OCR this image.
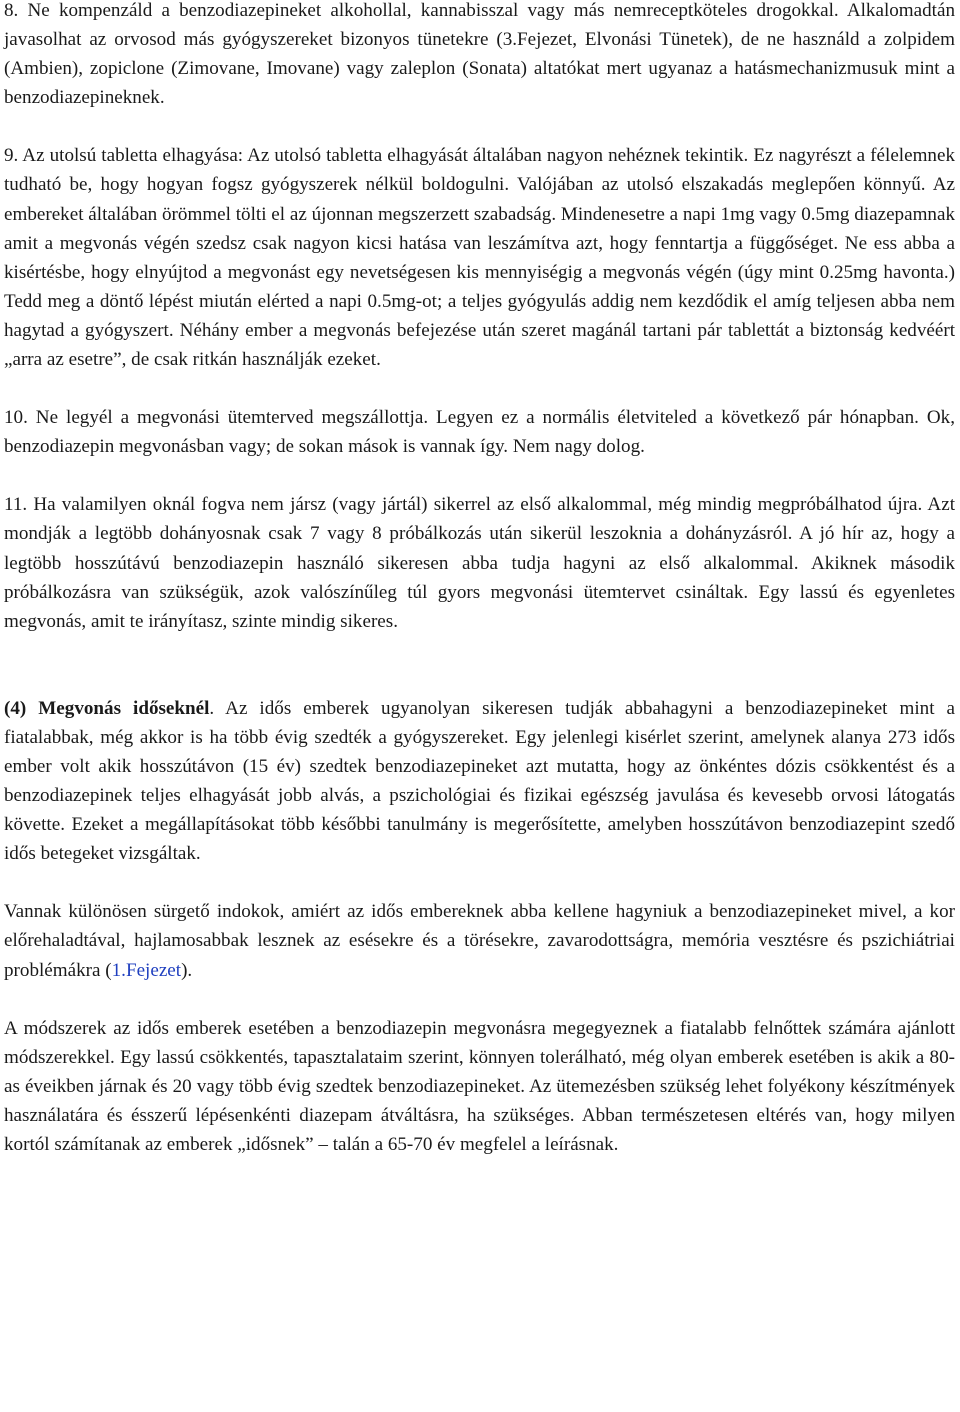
8. Ne kompenzáld a benzodiazepineket alkohollal, kannabisszal vagy más nemreceptköteles drogokkal. Alkalomadtán javasolhat az orvosod más gyógyszereket bizonyos tünetekre (3.Fejezet, Elvonási Tünetek), de ne használd a zolpidem (Ambien), zopiclone (Zimovane, Imovane) vagy zaleplon (Sonata) altatókat mert ugyanaz a hatásmechanizmusuk mint a benzodiazepineknek.

9. Az utolsú tabletta elhagyása: Az utolsó tabletta elhagyását általában nagyon nehéznek tekintik. Ez nagyrészt a félelemnek tudható be, hogy hogyan fogsz gyógyszerek nélkül boldogulni. Valójában az utolsó elszakadás meglepően könnyű. Az embereket általában örömmel tölti el az újonnan megszerzett szabadság. Mindenesetre a napi 1mg vagy 0.5mg diazepamnak amit a megvonás végén szedsz csak nagyon kicsi hatása van leszámítva azt, hogy fenntartja a függőséget. Ne ess abba a kisértésbe, hogy elnyújtod a megvonást egy nevetségesen kis mennyiségig a megvonás végén (úgy mint 0.25mg havonta.) Tedd meg a döntő lépést miután elérted a napi 0.5mg-ot; a teljes gyógyulás addig nem kezdődik el amíg teljesen abba nem hagytad a gyógyszert. Néhány ember a megvonás befejezése után szeret magánál tartani pár tablettát a biztonság kedvéért „arra az esetre”, de csak ritkán használják ezeket.

10. Ne legyél a megvonási ütemterved megszállottja. Legyen ez a normális életviteled a következő pár hónapban. Ok, benzodiazepin megvonásban vagy; de sokan mások is vannak így. Nem nagy dolog.

11. Ha valamilyen oknál fogva nem jársz (vagy jártál) sikerrel az első alkalommal, még mindig megpróbálhatod újra. Azt mondják a legtöbb dohányosnak csak 7 vagy 8 próbálkozás után sikerül leszoknia a dohányzásról. A jó hír az, hogy a legtöbb hosszútávú benzodiazepin használó sikeresen abba tudja hagyni az első alkalommal. Akiknek második próbálkozásra van szükségük, azok valószínűleg túl gyors megvonási ütemtervet csináltak. Egy lassú és egyenletes megvonás, amit te irányítasz, szinte mindig sikeres.

(4) Megvonás időseknél. Az idős emberek ugyanolyan sikeresen tudják abbahagyni a benzodiazepineket mint a fiatalabbak, még akkor is ha több évig szedték a gyógyszereket. Egy jelenlegi kisérlet szerint, amelynek alanya 273 idős ember volt akik hosszútávon (15 év) szedtek benzodiazepineket azt mutatta, hogy az önkéntes dózis csökkentést és a benzodiazepinek teljes elhagyását jobb alvás, a pszichológiai és fizikai egészség javulása és kevesebb orvosi látogatás követte. Ezeket a megállapításokat több későbbi tanulmány is megerősítette, amelyben hosszútávon benzodiazepint szedő idős betegeket vizsgáltak.

Vannak különösen sürgető indokok, amiért az idős embereknek abba kellene hagyniuk a benzodiazepineket mivel, a kor előrehaladtával, hajlamosabbak lesznek az esésekre és a törésekre, zavarodottságra, memória vesztésre és pszichiátriai problémákra (1.Fejezet).

A módszerek az idős emberek esetében a benzodiazepin megvonásra megegyeznek a fiatalabb felnőttek számára ajánlott módszerekkel. Egy lassú csökkentés, tapasztalataim szerint, könnyen tolerálható, még olyan emberek esetében is akik a 80-as éveikben járnak és 20 vagy több évig szedtek benzodiazepineket. Az ütemezésben szükség lehet folyékony készítmények használatára és ésszerű lépésenkénti diazepam átváltásra, ha szükséges. Abban természetesen eltérés van, hogy milyen kortól számítanak az emberek „idősnek” – talán a 65-70 év megfelel a leírásnak.
